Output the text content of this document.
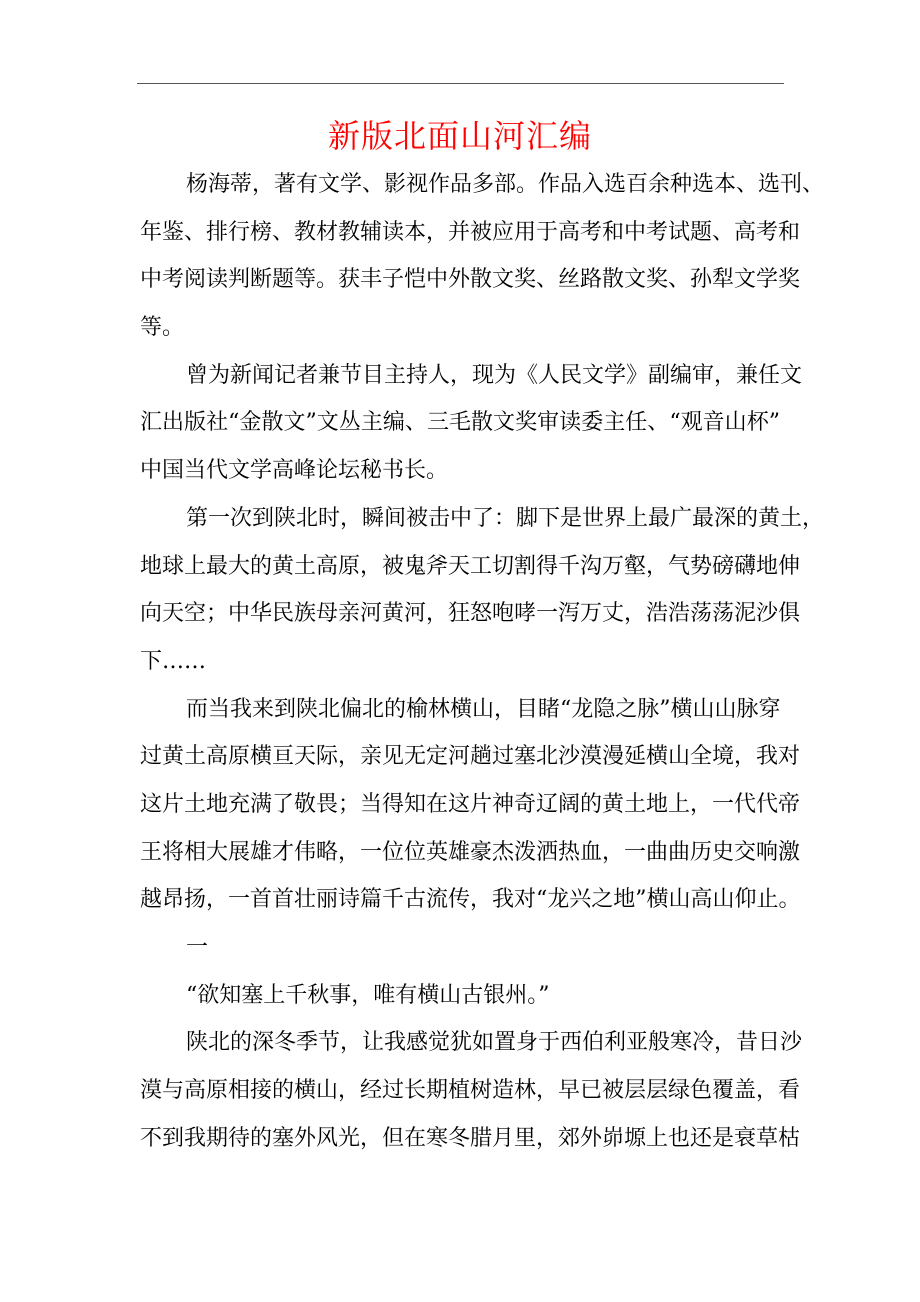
新版北面山河汇编
杨海蒂，著有文学、影视作品多部。作品入选百余种选本、选刊、
年鉴、排行榜、教材教辅读本，并被应用于高考和中考试题、高考和
中考阅读判断题等。获丰子恺中外散文奖、丝路散文奖、孙犁文学奖
等。
曾为新闻记者兼节目主持人，现为《人民文学》副编审，兼任文
汇出版社“金散文”文丛主编、三毛散文奖审读委主任、“观音山杯”
中国当代文学高峰论坛秘书长。
第一次到陕北时，瞬间被击中了：脚下是世界上最广最深的黄土，
地球上最大的黄土高原，被鬼斧天工切割得千沟万壑，气势磅礴地伸
向天空；中华民族母亲河黄河，狂怒咆哮一泻万丈，浩浩荡荡泥沙俱
下……
而当我来到陕北偏北的榆林横山，目睹“龙隐之脉”横山山脉穿
过黄土高原横亘天际，亲见无定河趟过塞北沙漠漫延横山全境，我对
这片土地充满了敬畏；当得知在这片神奇辽阔的黄土地上，一代代帝
王将相大展雄才伟略，一位位英雄豪杰泼洒热血，一曲曲历史交响激
越昂扬，一首首壮丽诗篇千古流传，我对“龙兴之地”横山高山仰止。
一
“欲知塞上千秋事，唯有横山古银州。”
陕北的深冬季节，让我感觉犹如置身于西伯利亚般寒冷，昔日沙
漠与高原相接的横山，经过长期植树造林，早已被层层绿色覆盖，看
不到我期待的塞外风光，但在寒冬腊月里，郊外峁塬上也还是衰草枯
